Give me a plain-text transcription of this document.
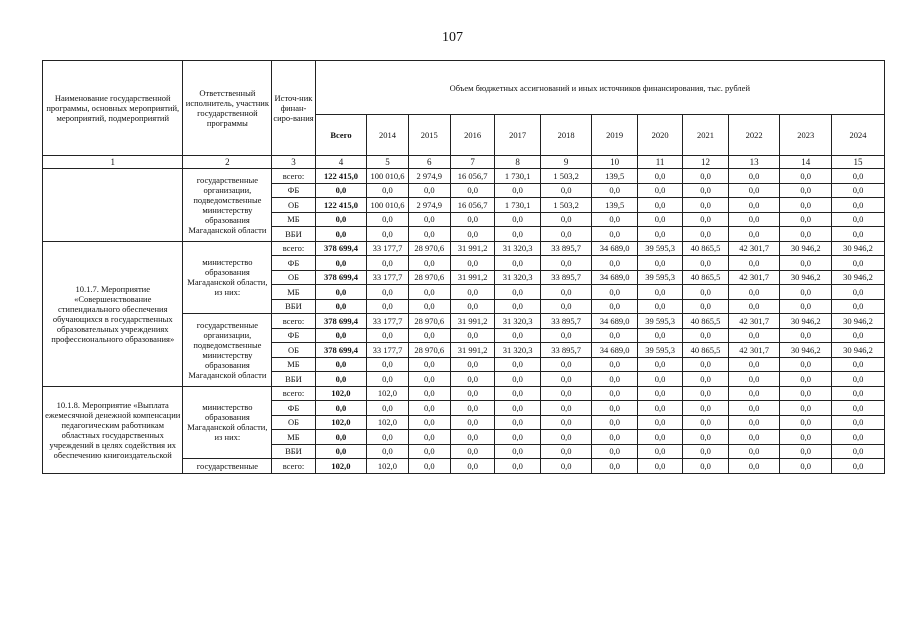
107
Наименование государственной программы, основных мероприятий, мероприятий, подмероприятий	Ответственный исполнитель, участник государственной программы	Источ-ник финан-сиро-вания	Объем бюджетных ассигнований и иных источников финансирования, тыс. рублей											
			Всего	2014	2015	2016	2017	2018	2019	2020	2021	2022	2023	2024
1	2	3	4	5	6	7	8	9	10	11	12	13	14	15
	государственные организации, подведомственные министерству образования Магаданской области	всего:	122 415,0	100 010,6	2 974,9	16 056,7	1 730,1	1 503,2	139,5	0,0	0,0	0,0	0,0	0,0
		ФБ	0,0	0,0	0,0	0,0	0,0	0,0	0,0	0,0	0,0	0,0	0,0	0,0
		ОБ	122 415,0	100 010,6	2 974,9	16 056,7	1 730,1	1 503,2	139,5	0,0	0,0	0,0	0,0	0,0
		МБ	0,0	0,0	0,0	0,0	0,0	0,0	0,0	0,0	0,0	0,0	0,0	0,0
		ВБИ	0,0	0,0	0,0	0,0	0,0	0,0	0,0	0,0	0,0	0,0	0,0	0,0
10.1.7. Мероприятие «Совершенствование стипендиального обеспечения обучающихся в государственных образовательных учреждениях профессионального образования»	министерство образования Магаданской области, из них:	всего:	378 699,4	33 177,7	28 970,6	31 991,2	31 320,3	33 895,7	34 689,0	39 595,3	40 865,5	42 301,7	30 946,2	30 946,2
		ФБ	0,0	0,0	0,0	0,0	0,0	0,0	0,0	0,0	0,0	0,0	0,0	0,0
		ОБ	378 699,4	33 177,7	28 970,6	31 991,2	31 320,3	33 895,7	34 689,0	39 595,3	40 865,5	42 301,7	30 946,2	30 946,2
		МБ	0,0	0,0	0,0	0,0	0,0	0,0	0,0	0,0	0,0	0,0	0,0	0,0
		ВБИ	0,0	0,0	0,0	0,0	0,0	0,0	0,0	0,0	0,0	0,0	0,0	0,0
	государственные организации, подведомственные министерству образования Магаданской области	всего:	378 699,4	33 177,7	28 970,6	31 991,2	31 320,3	33 895,7	34 689,0	39 595,3	40 865,5	42 301,7	30 946,2	30 946,2
		ФБ	0,0	0,0	0,0	0,0	0,0	0,0	0,0	0,0	0,0	0,0	0,0	0,0
		ОБ	378 699,4	33 177,7	28 970,6	31 991,2	31 320,3	33 895,7	34 689,0	39 595,3	40 865,5	42 301,7	30 946,2	30 946,2
		МБ	0,0	0,0	0,0	0,0	0,0	0,0	0,0	0,0	0,0	0,0	0,0	0,0
		ВБИ	0,0	0,0	0,0	0,0	0,0	0,0	0,0	0,0	0,0	0,0	0,0	0,0
10.1.8. Мероприятие «Выплата ежемесячной денежной компенсации педагогическим работникам областных государственных учреждений в целях содействия их обеспечению книгоиздательской	министерство образования Магаданской области, из них:	всего:	102,0	102,0	0,0	0,0	0,0	0,0	0,0	0,0	0,0	0,0	0,0	0,0
		ФБ	0,0	0,0	0,0	0,0	0,0	0,0	0,0	0,0	0,0	0,0	0,0	0,0
		ОБ	102,0	102,0	0,0	0,0	0,0	0,0	0,0	0,0	0,0	0,0	0,0	0,0
		МБ	0,0	0,0	0,0	0,0	0,0	0,0	0,0	0,0	0,0	0,0	0,0	0,0
		ВБИ	0,0	0,0	0,0	0,0	0,0	0,0	0,0	0,0	0,0	0,0	0,0	0,0
	государственные	всего:	102,0	102,0	0,0	0,0	0,0	0,0	0,0	0,0	0,0	0,0	0,0	0,0
